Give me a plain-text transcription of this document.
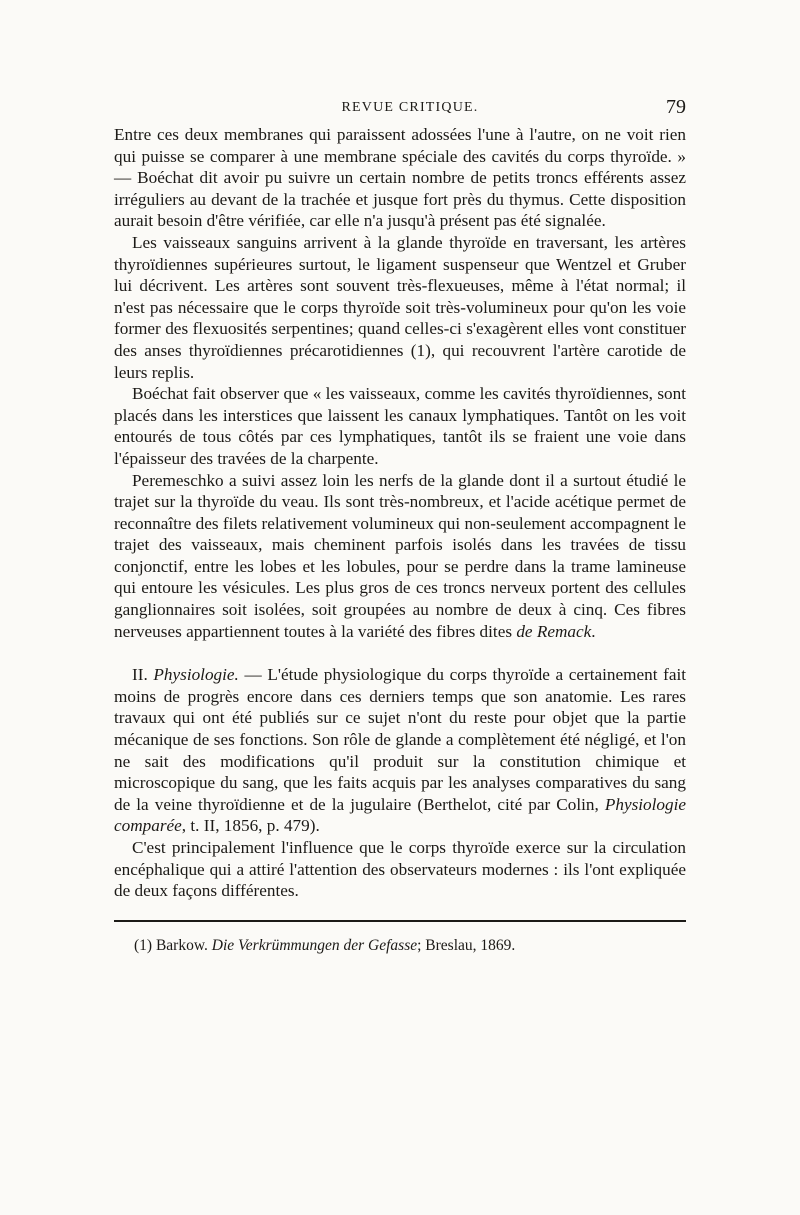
REVUE CRITIQUE.	79

Entre ces deux membranes qui paraissent adossées l'une à l'autre, on ne voit rien qui puisse se comparer à une membrane spéciale des cavités du corps thyroïde. » — Boéchat dit avoir pu suivre un certain nombre de petits troncs efférents assez irréguliers au devant de la trachée et jusque fort près du thymus. Cette disposition aurait besoin d'être vérifiée, car elle n'a jusqu'à présent pas été signalée.

Les vaisseaux sanguins arrivent à la glande thyroïde en traversant, les artères thyroïdiennes supérieures surtout, le ligament suspenseur que Wentzel et Gruber lui décrivent. Les artères sont souvent très-flexueuses, même à l'état normal; il n'est pas nécessaire que le corps thyroïde soit très-volumineux pour qu'on les voie former des flexuosités serpentines; quand celles-ci s'exagèrent elles vont constituer des anses thyroïdiennes précarotidiennes (1), qui recouvrent l'artère carotide de leurs replis.

Boéchat fait observer que « les vaisseaux, comme les cavités thyroïdiennes, sont placés dans les interstices que laissent les canaux lymphatiques. Tantôt on les voit entourés de tous côtés par ces lymphatiques, tantôt ils se fraient une voie dans l'épaisseur des travées de la charpente.

Peremeschko a suivi assez loin les nerfs de la glande dont il a surtout étudié le trajet sur la thyroïde du veau. Ils sont très-nombreux, et l'acide acétique permet de reconnaître des filets relativement volumineux qui non-seulement accompagnent le trajet des vaisseaux, mais cheminent parfois isolés dans les travées de tissu conjonctif, entre les lobes et les lobules, pour se perdre dans la trame lamineuse qui entoure les vésicules. Les plus gros de ces troncs nerveux portent des cellules ganglionnaires soit isolées, soit groupées au nombre de deux à cinq. Ces fibres nerveuses appartiennent toutes à la variété des fibres dites de Remack.

II. Physiologie. — L'étude physiologique du corps thyroïde a certainement fait moins de progrès encore dans ces derniers temps que son anatomie. Les rares travaux qui ont été publiés sur ce sujet n'ont du reste pour objet que la partie mécanique de ses fonctions. Son rôle de glande a complètement été négligé, et l'on ne sait des modifications qu'il produit sur la constitution chimique et microscopique du sang, que les faits acquis par les analyses comparatives du sang de la veine thyroïdienne et de la jugulaire (Berthelot, cité par Colin, Physiologie comparée, t. II, 1856, p. 479).

C'est principalement l'influence que le corps thyroïde exerce sur la circulation encéphalique qui a attiré l'attention des observateurs modernes : ils l'ont expliquée de deux façons différentes.

(1) Barkow. Die Verkrümmungen der Gefasse; Breslau, 1869.
